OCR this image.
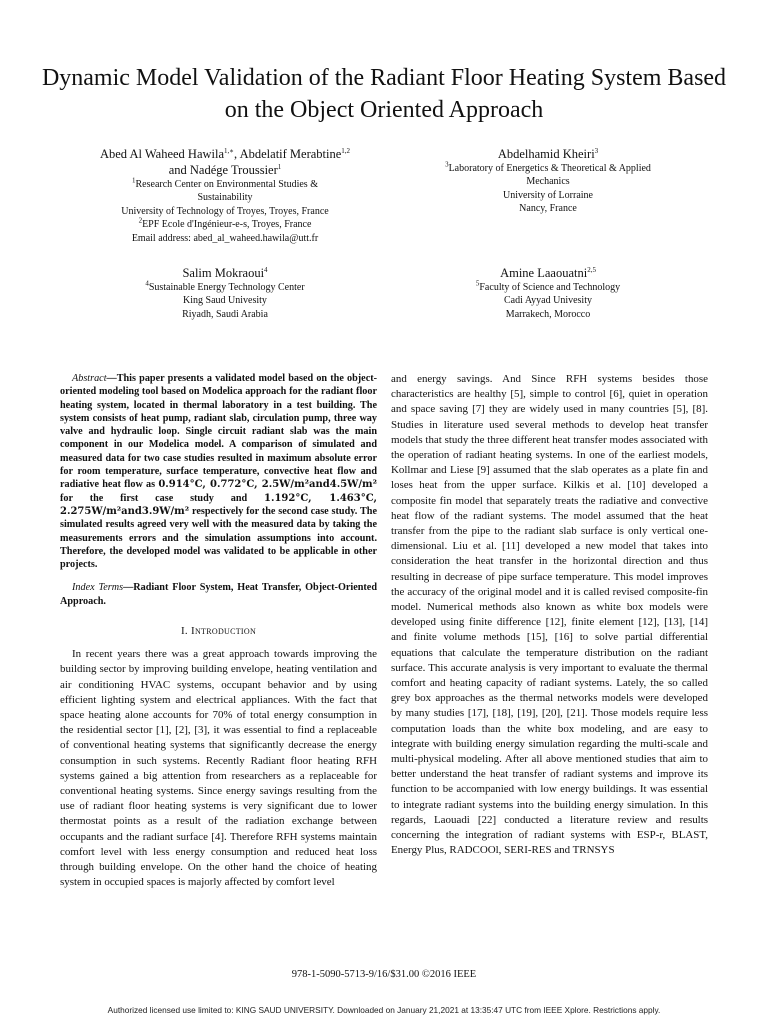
Dynamic Model Validation of the Radiant Floor Heating System Based on the Object Oriented Approach
Abed Al Waheed Hawila$^{1,∗}$, Abdelatif Merabtine$^{1,2}$
and Nadége Troussier$^1$
$^1$Research Center on Environmental Studies &
Sustainability
University of Technology of Troyes, Troyes, France
$^2$EPF Ecole d'Ingénieur-e-s, Troyes, France
Email address: abed_al_waheed.hawila@utt.fr
Abdelhamid Kheiri$^3$
$^3$Laboratory of Energetics & Theoretical & Applied
Mechanics
University of Lorraine
Nancy, France
Salim Mokraoui$^4$
$^4$Sustainable Energy Technology Center
King Saud Univesity
Riyadh, Saudi Arabia
Amine Laaouatni$^{2,5}$
$^5$Faculty of Science and Technology
Cadi Ayyad Univesity
Marrakech, Morocco

Abstract—This paper presents a validated model based on the object-oriented modeling tool based on Modelica approach for the radiant floor heating system, located in thermal laboratory in a test building. The system consists of heat pump, radiant slab, circulation pump, three way valve and hydraulic loop. Single circuit radiant slab was the main component in our Modelica model. A comparison of simulated and measured data for two case studies resulted in maximum absolute error for room temperature, surface temperature, convective heat flow and radiative heat flow as 0.914°C, 0.772°C, 2.5W/m²and4.5W/m² for the first case study and 1.192°C, 1.463°C, 2.275W/m²and3.9W/m² respectively for the second case study. The simulated results agreed very well with the measured data by taking the measurements errors and the simulation assumptions into account. Therefore, the developed model was validated to be applicable in other projects.

Index Terms—Radiant Floor System, Heat Transfer, Object-Oriented Approach.

I. Introduction

In recent years there was a great approach towards improving the building sector by improving building envelope, heating ventilation and air conditioning HVAC systems, occupant behavior and by using efficient lighting system and electrical appliances. With the fact that space heating alone accounts for 70% of total energy consumption in the residential sector [1], [2], [3], it was essential to find a replaceable of conventional heating systems that significantly decrease the energy consumption in such systems. Recently Radiant floor heating RFH systems gained a big attention from researchers as a replaceable for conventional heating systems. Since energy savings resulting from the use of radiant floor heating systems is very significant due to lower thermostat points as a result of the radiation exchange between occupants and the radiant surface [4]. Therefore RFH systems maintain comfort level with less energy consumption and reduced heat loss through building envelope. On the other hand the choice of heating system in occupied spaces is majorly affected by comfort level

and energy savings. And Since RFH systems besides those characteristics are healthy [5], simple to control [6], quiet in operation and space saving [7] they are widely used in many countries [5], [8]. Studies in literature used several methods to develop heat transfer models that study the three different heat transfer modes associated with the operation of radiant heating systems. In one of the earliest models, Kollmar and Liese [9] assumed that the slab operates as a plate fin and loses heat from the upper surface. Kilkis et al. [10] developed a composite fin model that separately treats the radiative and convective heat flow of the radiant systems. The model assumed that the heat transfer from the pipe to the radiant slab surface is only vertical one-dimensional. Liu et al. [11] developed a new model that takes into consideration the heat transfer in the horizontal direction and thus resulting in decrease of pipe surface temperature. This model improves the accuracy of the original model and it is called revised composite-fin model. Numerical methods also known as white box models were developed using finite difference [12], finite element [12], [13], [14] and finite volume methods [15], [16] to solve partial differential equations that calculate the temperature distribution on the radiant surface. This accurate analysis is very important to evaluate the thermal comfort and heating capacity of radiant systems. Lately, the so called grey box approaches as the thermal networks models were developed by many studies [17], [18], [19], [20], [21]. Those models require less computation loads than the white box modeling, and are easy to integrate with building energy simulation regarding the multi-scale and multi-physical modeling. After all above mentioned studies that aim to better understand the heat transfer of radiant systems and improve its function to be accompanied with low energy buildings. It was essential to integrate radiant systems into the building energy simulation. In this regards, Laouadi [22] conducted a literature review and results concerning the integration of radiant systems with ESP-r, BLAST, Energy Plus, RADCOOl, SERI-RES and TRNSYS

978-1-5090-5713-9/16/$31.00 ©2016 IEEE
Authorized licensed use limited to: KING SAUD UNIVERSITY. Downloaded on January 21,2021 at 13:35:47 UTC from IEEE Xplore. Restrictions apply.
